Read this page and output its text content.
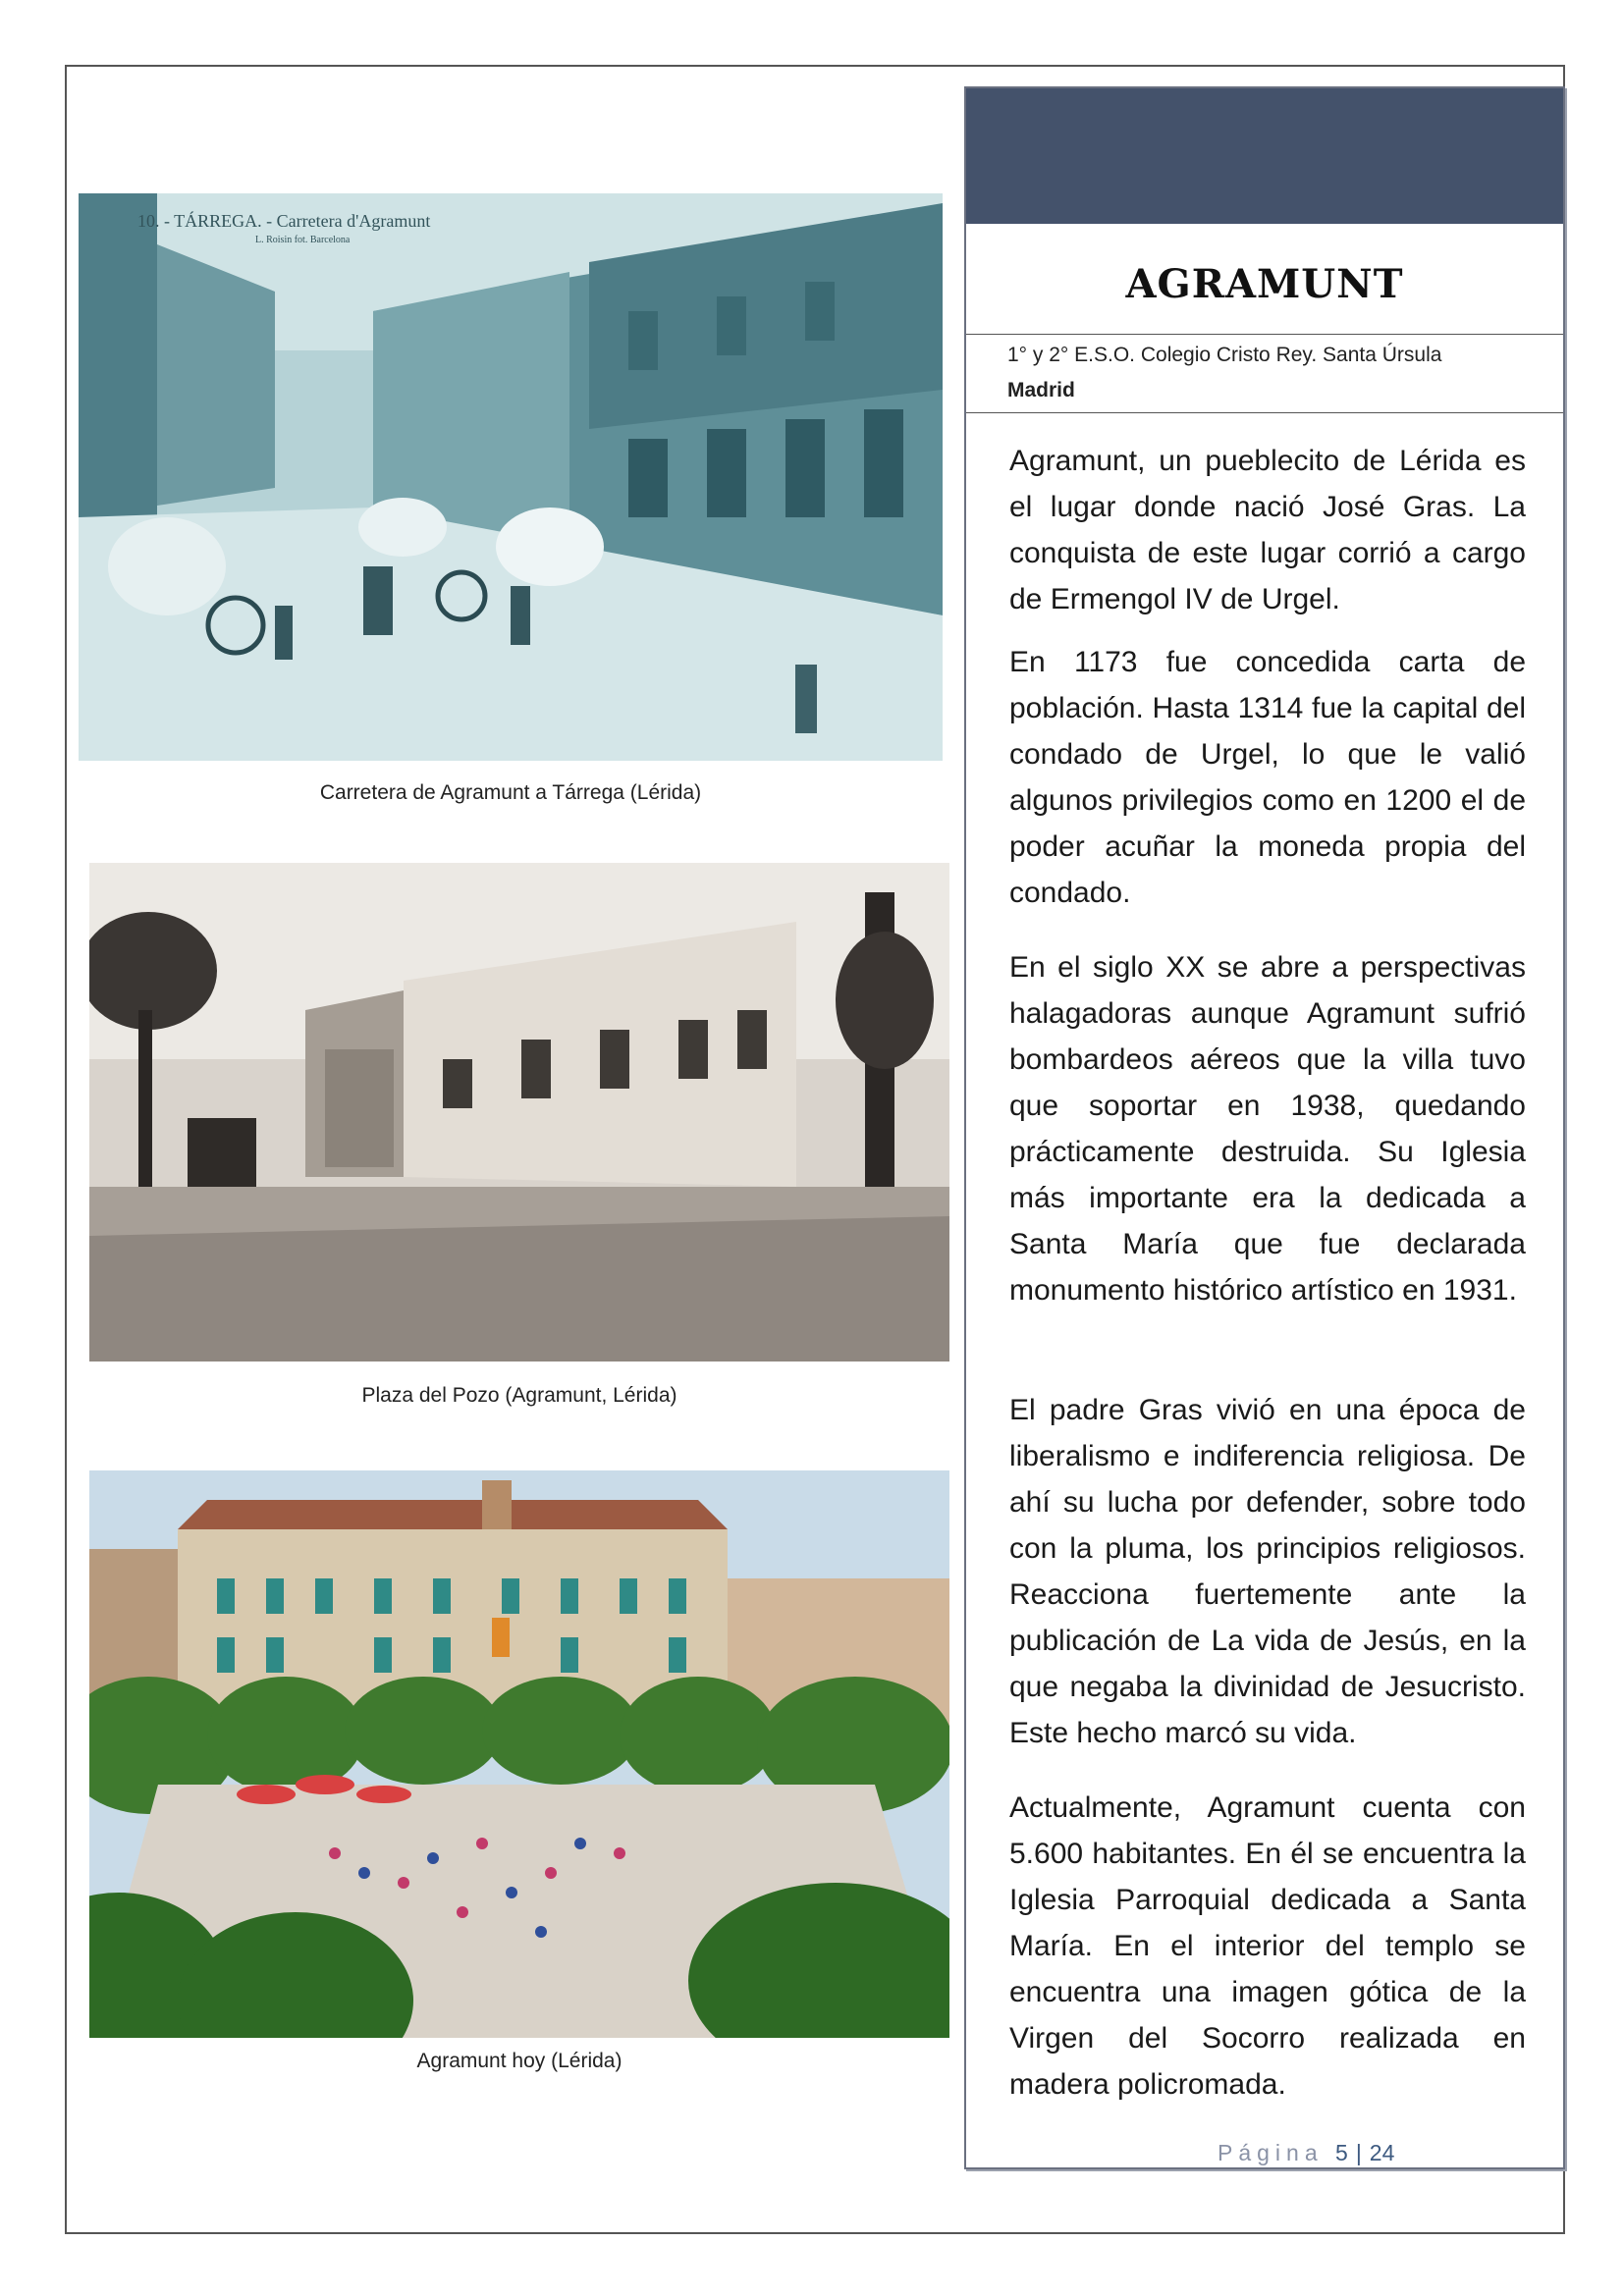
10. - TÁRREGA. - Carretera d'Agramunt
L. Roisin fot. Barcelona
Carretera de Agramunt a Tárrega (Lérida)
Plaza del Pozo (Agramunt, Lérida)
Agramunt hoy (Lérida)
AGRAMUNT
1° y 2° E.S.O. Colegio Cristo Rey. Santa Úrsula
Madrid
Agramunt, un pueblecito de Lérida es el lugar donde nació José Gras. La conquista de este lugar corrió a cargo de Ermengol IV de Urgel.
En 1173 fue concedida carta de población. Hasta 1314 fue la capital del condado de Urgel, lo que le valió algunos privilegios como en 1200 el de poder acuñar la moneda propia del condado.
En el siglo XX se abre a perspectivas halagadoras aunque Agramunt sufrió bombardeos aéreos que la villa tuvo que soportar en 1938, quedando prácticamente destruida. Su Iglesia más importante era la dedicada a Santa María que fue declarada monumento histórico artístico en 1931.
El padre Gras vivió en una época de liberalismo e indiferencia religiosa. De ahí su lucha por defender, sobre todo con la pluma, los principios religiosos. Reacciona fuertemente ante la publicación de La vida de Jesús, en la que negaba la divinidad de Jesucristo. Este hecho marcó su vida.
Actualmente, Agramunt cuenta con 5.600 habitantes. En él se encuentra la Iglesia Parroquial dedicada a Santa María. En el interior del templo se encuentra una imagen gótica de la Virgen del Socorro realizada en madera policromada.
Página 5 | 24
